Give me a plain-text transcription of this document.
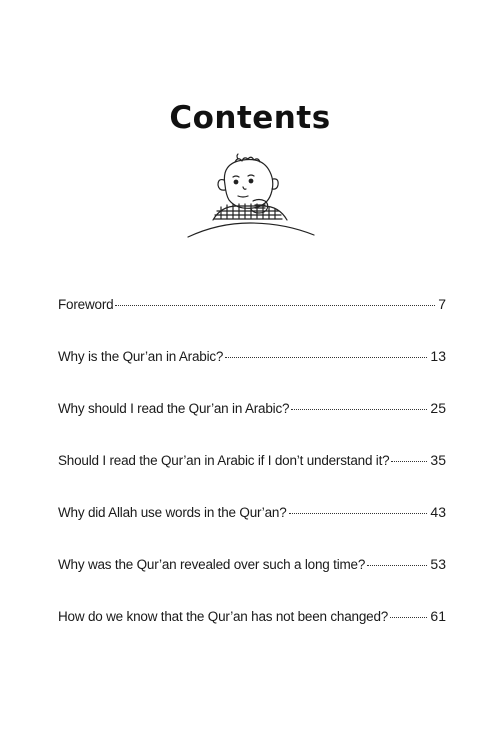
Contents
Foreword	7
Why is the Qur’an in Arabic?	13
Why should I read the Qur’an in Arabic?	25
Should I read the Qur’an in Arabic if I don’t understand it?	35
Why did Allah use words in the Qur’an?	43
Why was the Qur’an revealed over such a long time?	53
How do we know that the Qur’an has not been changed?	61
